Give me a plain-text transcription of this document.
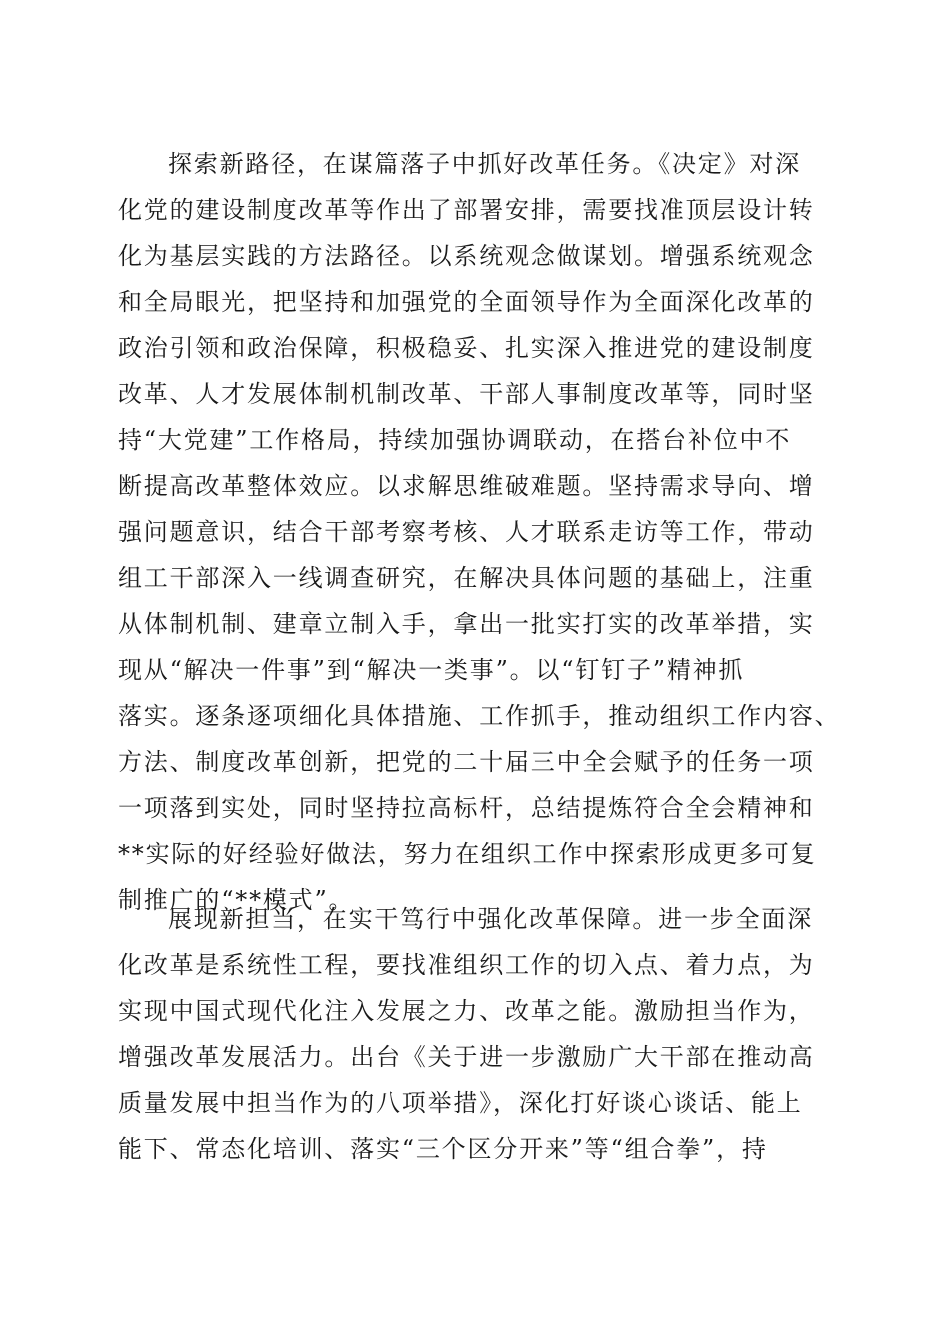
探索新路径，在谋篇落子中抓好改革任务。《决定》对深
化党的建设制度改革等作出了部署安排，需要找准顶层设计转
化为基层实践的方法路径。以系统观念做谋划。增强系统观念
和全局眼光，把坚持和加强党的全面领导作为全面深化改革的
政治引领和政治保障，积极稳妥、扎实深入推进党的建设制度
改革、人才发展体制机制改革、干部人事制度改革等，同时坚
持“大党建”工作格局，持续加强协调联动，在搭台补位中不
断提高改革整体效应。以求解思维破难题。坚持需求导向、增
强问题意识，结合干部考察考核、人才联系走访等工作，带动
组工干部深入一线调查研究，在解决具体问题的基础上，注重
从体制机制、建章立制入手，拿出一批实打实的改革举措，实
现从“解决一件事”到“解决一类事”。以“钉钉子”精神抓
落实。逐条逐项细化具体措施、工作抓手，推动组织工作内容、
方法、制度改革创新，把党的二十届三中全会赋予的任务一项
一项落到实处，同时坚持拉高标杆，总结提炼符合全会精神和
**实际的好经验好做法，努力在组织工作中探索形成更多可复
制推广的“**模式”。
展现新担当，在实干笃行中强化改革保障。进一步全面深
化改革是系统性工程，要找准组织工作的切入点、着力点，为
实现中国式现代化注入发展之力、改革之能。激励担当作为，
增强改革发展活力。出台《关于进一步激励广大干部在推动高
质量发展中担当作为的八项举措》，深化打好谈心谈话、能上
能下、常态化培训、落实“三个区分开来”等“组合拳”，持
